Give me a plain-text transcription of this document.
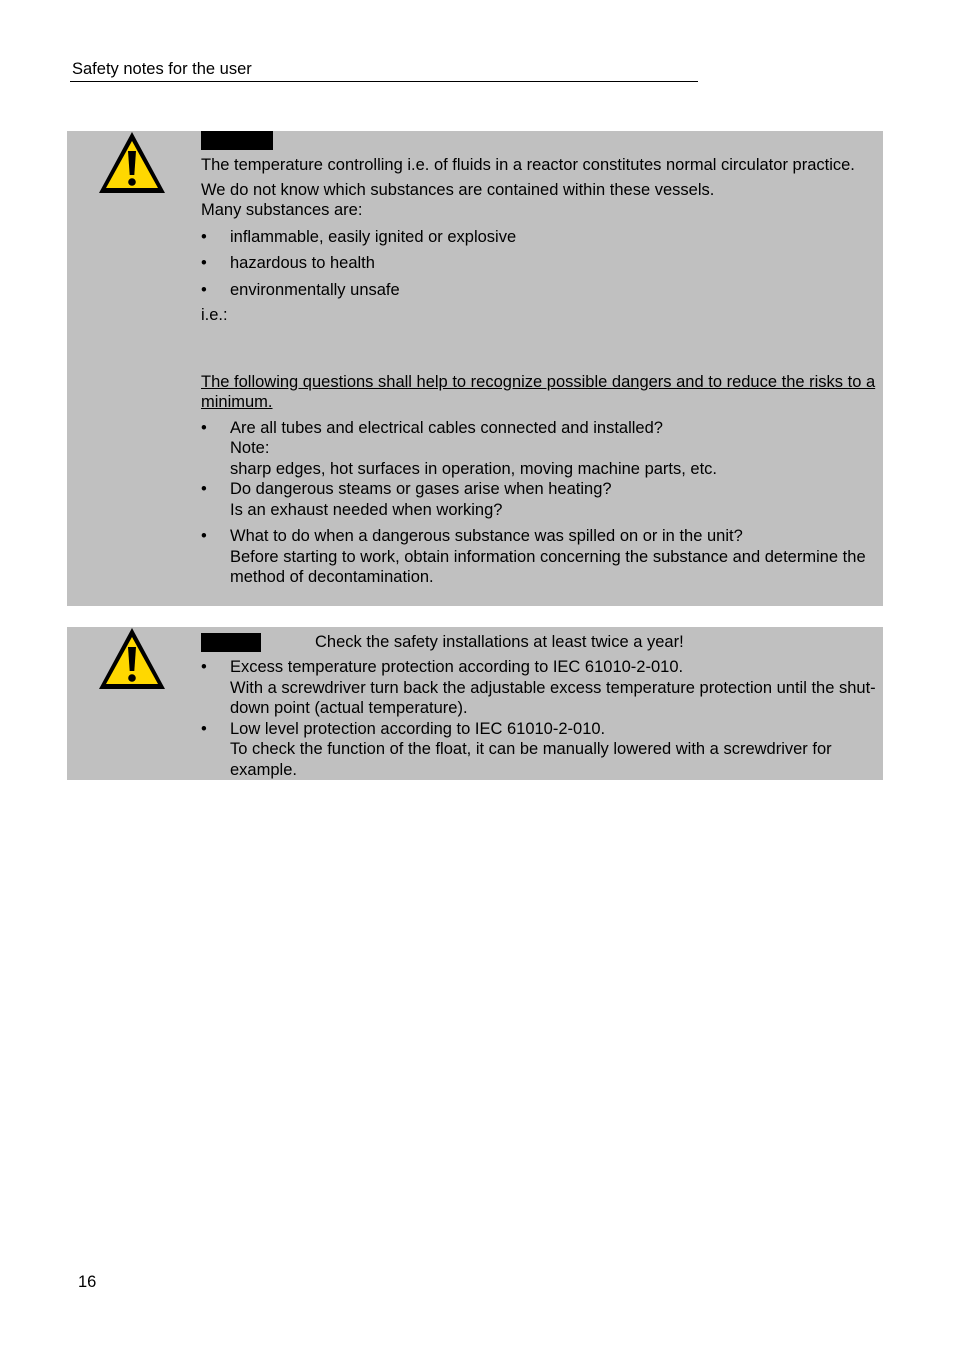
Safety notes for the user

The temperature controlling i.e. of fluids in a reactor constitutes normal circulator practice.

We do not know which substances are contained within these vessels.

Many substances are:

• inflammable, easily ignited or explosive
• hazardous to health
• environmentally unsafe

i.e.:

The following questions shall help to recognize possible dangers and to reduce the risks to a minimum.

• Are all tubes and electrical cables connected and installed?
Note:
sharp edges, hot surfaces in operation, moving machine parts, etc.
• Do dangerous steams or gases arise when heating?
Is an exhaust needed when working?
• What to do when a dangerous substance was spilled on or in the unit?
Before starting to work, obtain information concerning the substance and determine the method of decontamination.
Check the safety installations at least twice a year!
• Excess temperature protection according to IEC 61010-2-010.
With a screwdriver turn back the adjustable excess temperature protection until the shut-down point (actual temperature).
• Low level protection according to IEC 61010-2-010.
To check the function of the float, it can be manually lowered with a screwdriver for example.
16
